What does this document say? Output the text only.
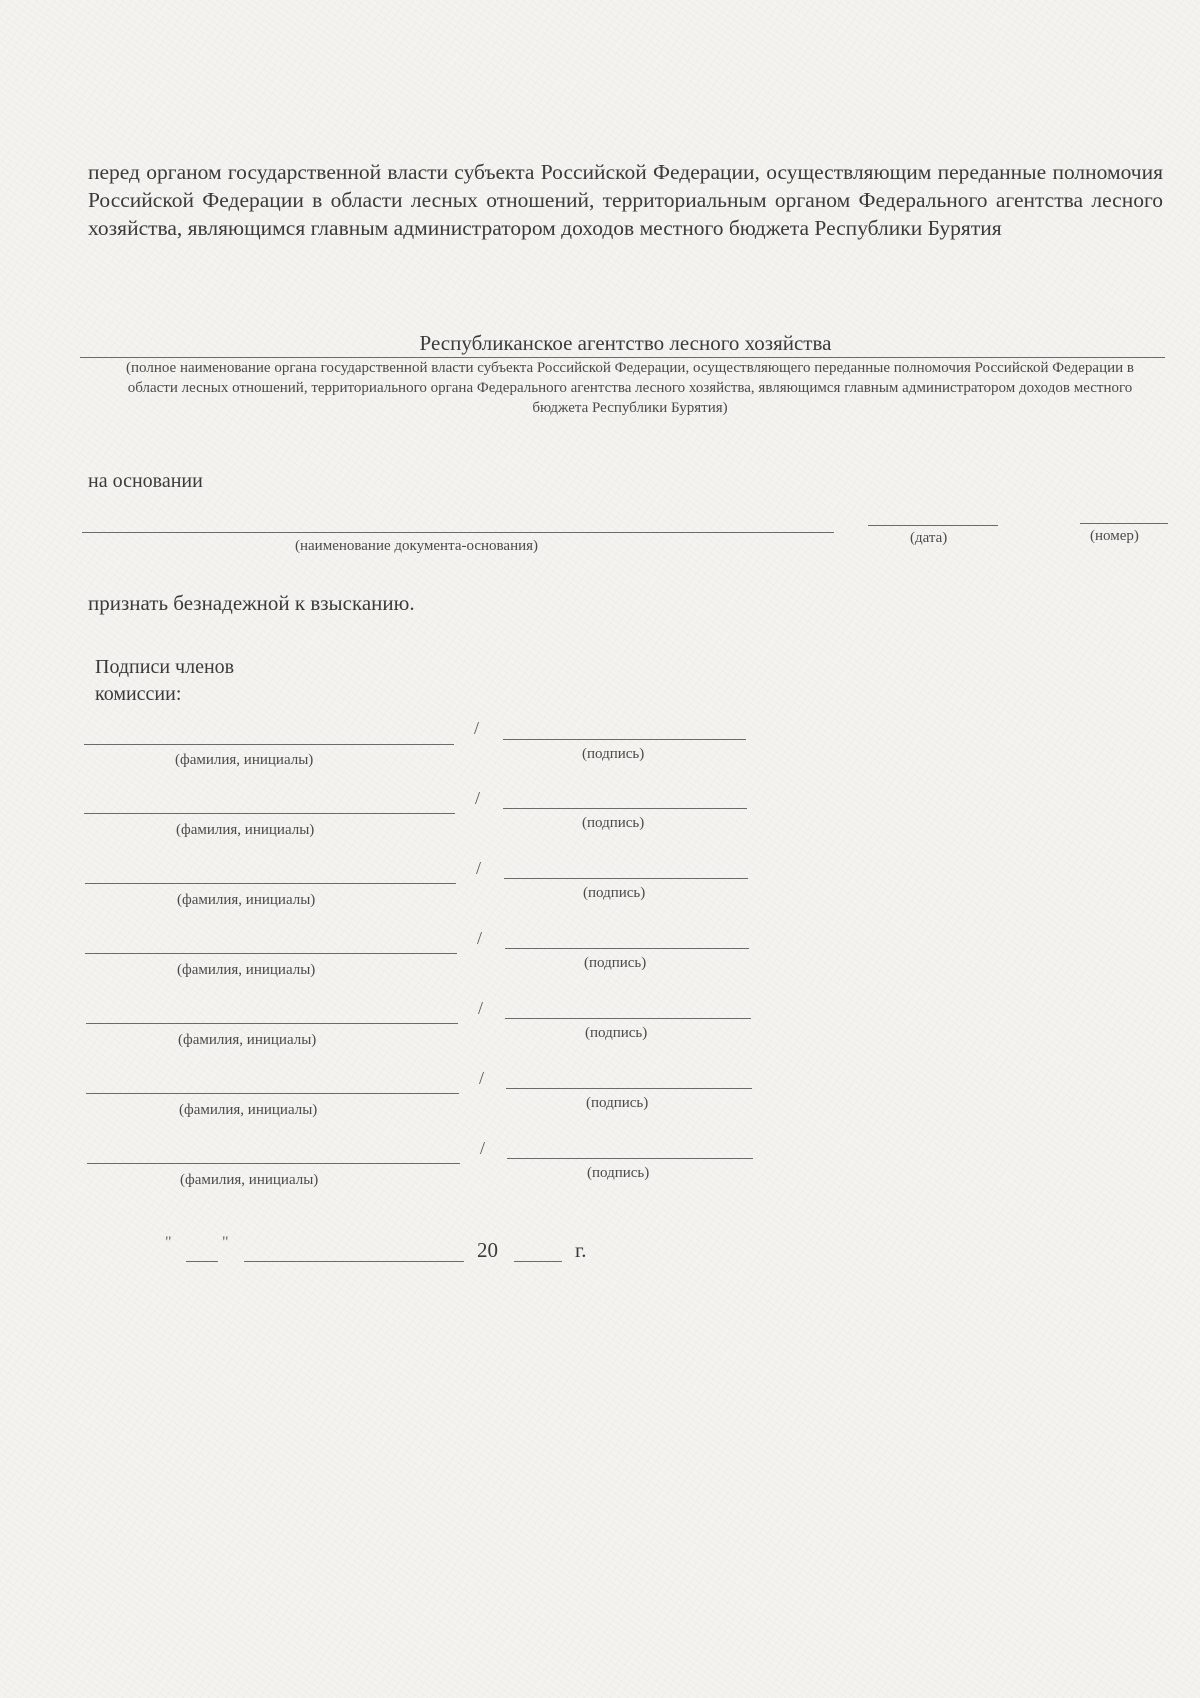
перед органом государственной власти субъекта Российской Федерации, осуществляющим переданные полномочия Российской Федерации в области лесных отношений, территориальным органом Федерального агентства лесного хозяйства, являющимся главным администратором доходов местного бюджета Республики Бурятия
Республиканское агентство лесного хозяйства
(полное наименование органа государственной власти субъекта Российской Федерации, осуществляющего переданные полномочия Российской Федерации в области лесных отношений, территориального органа Федерального агентства лесного хозяйства, являющимся главным администратором доходов местного бюджета Республики Бурятия)
на основании
(наименование документа-основания)	(дата)	(номер)
признать безнадежной к взысканию.
Подписи членов
комиссии:
/
(фамилия, инициалы)	(подпись)
/
(фамилия, инициалы)	(подпись)
/
(фамилия, инициалы)	(подпись)
/
(фамилия, инициалы)	(подпись)
/
(фамилия, инициалы)	(подпись)
/
(фамилия, инициалы)	(подпись)
/
(фамилия, инициалы)	(подпись)
"	"	20	г.
